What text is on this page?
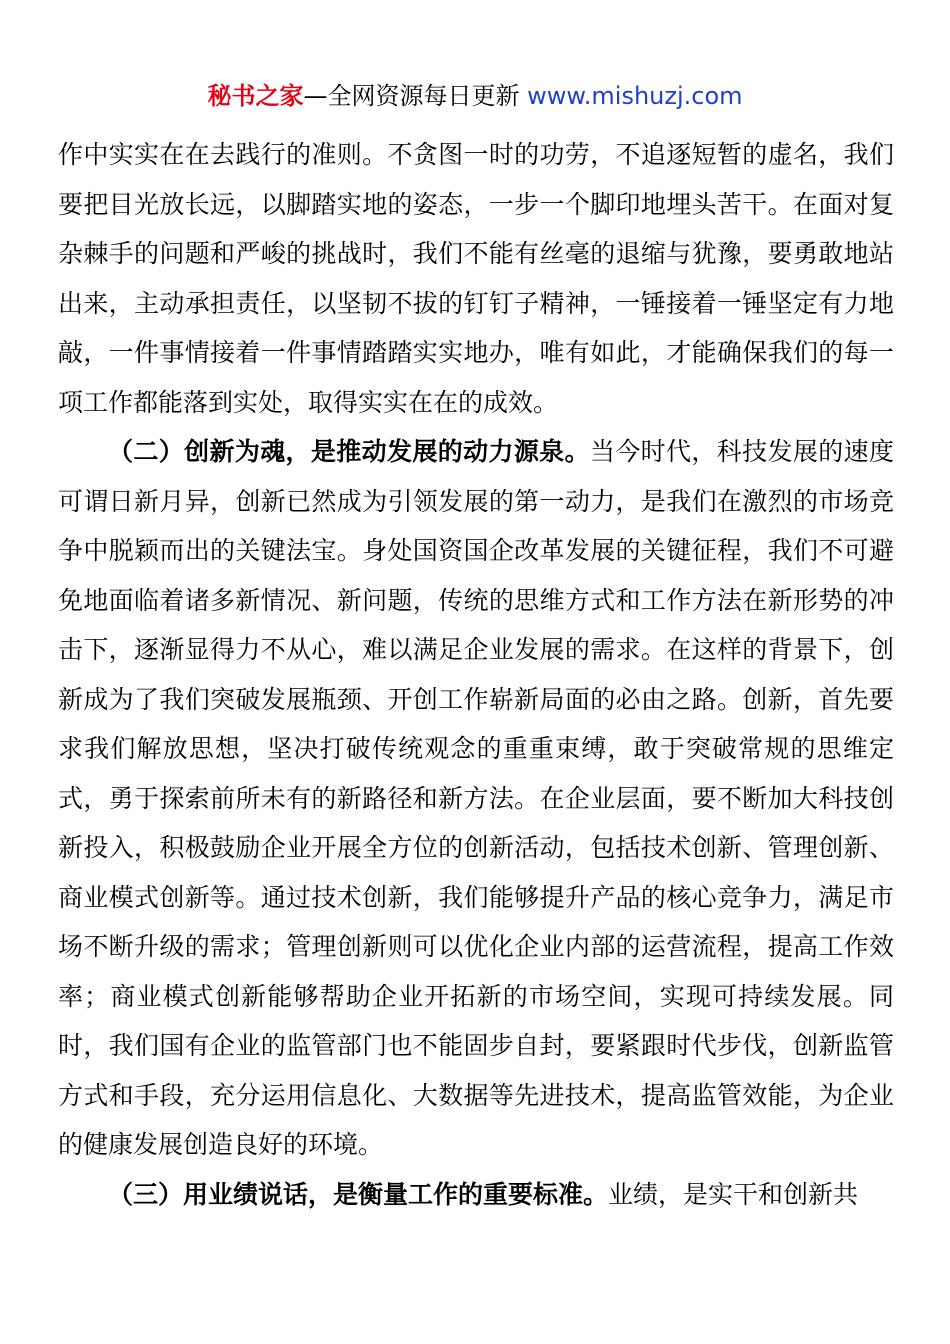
秘书之家—全网资源每日更新 www.mishuzj.com

作中实实在在去践行的准则。不贪图一时的功劳，不追逐短暂的虚名，我们要把目光放长远，以脚踏实地的姿态，一步一个脚印地埋头苦干。在面对复杂棘手的问题和严峻的挑战时，我们不能有丝毫的退缩与犹豫，要勇敢地站出来，主动承担责任，以坚韧不拔的钉钉子精神，一锤接着一锤坚定有力地敲，一件事情接着一件事情踏踏实实地办，唯有如此，才能确保我们的每一项工作都能落到实处，取得实实在在的成效。

（二）创新为魂，是推动发展的动力源泉。当今时代，科技发展的速度可谓日新月异，创新已然成为引领发展的第一动力，是我们在激烈的市场竞争中脱颖而出的关键法宝。身处国资国企改革发展的关键征程，我们不可避免地面临着诸多新情况、新问题，传统的思维方式和工作方法在新形势的冲击下，逐渐显得力不从心，难以满足企业发展的需求。在这样的背景下，创新成为了我们突破发展瓶颈、开创工作崭新局面的必由之路。创新，首先要求我们解放思想，坚决打破传统观念的重重束缚，敢于突破常规的思维定式，勇于探索前所未有的新路径和新方法。在企业层面，要不断加大科技创新投入，积极鼓励企业开展全方位的创新活动，包括技术创新、管理创新、商业模式创新等。通过技术创新，我们能够提升产品的核心竞争力，满足市场不断升级的需求；管理创新则可以优化企业内部的运营流程，提高工作效率；商业模式创新能够帮助企业开拓新的市场空间，实现可持续发展。同时，我们国有企业的监管部门也不能固步自封，要紧跟时代步伐，创新监管方式和手段，充分运用信息化、大数据等先进技术，提高监管效能，为企业的健康发展创造良好的环境。

（三）用业绩说话，是衡量工作的重要标准。业绩，是实干和创新共
